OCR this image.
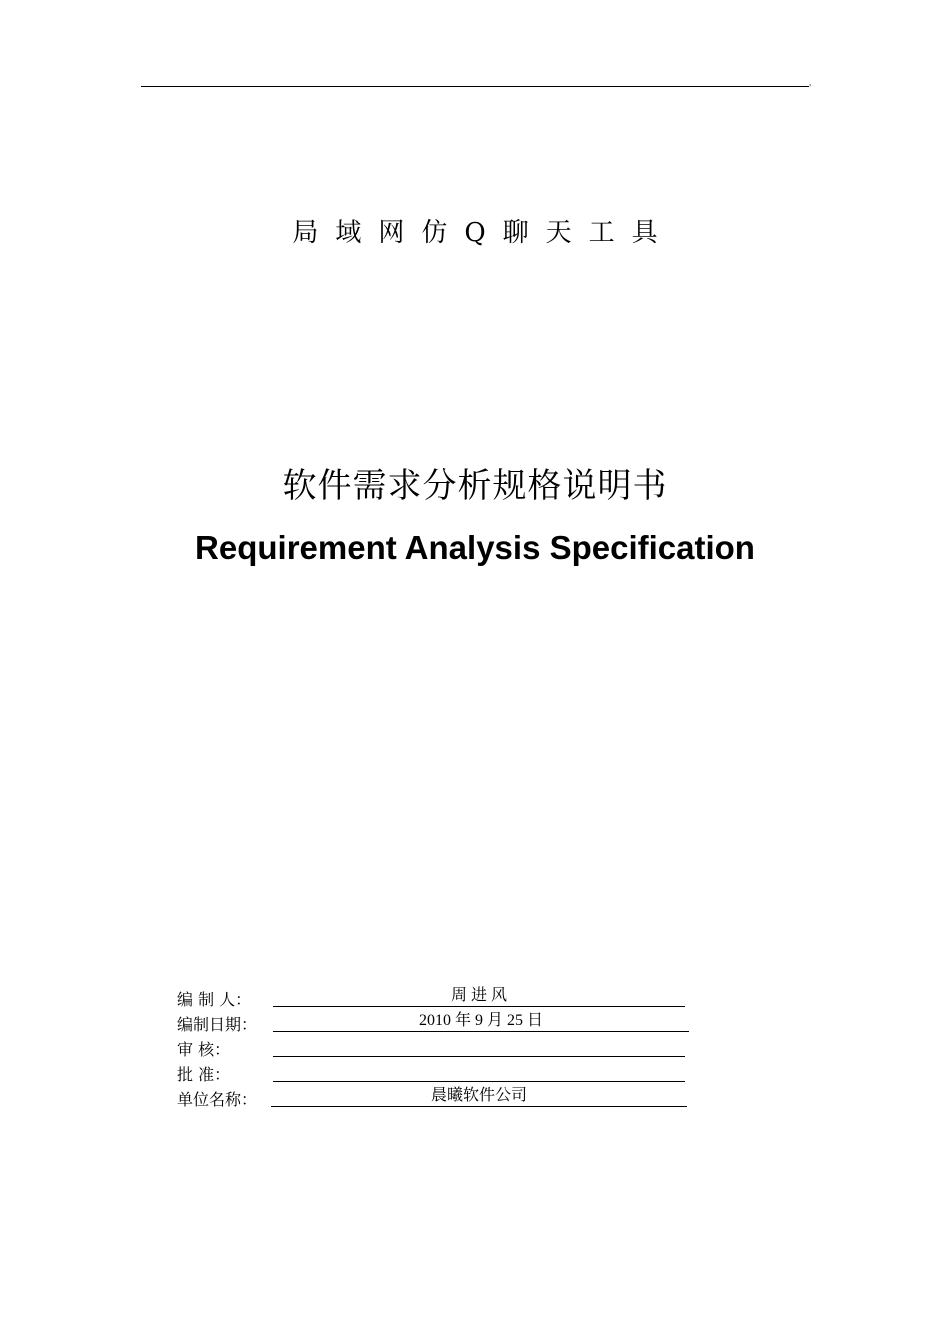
'
局域网仿Q聊天工具
软件需求分析规格说明书
Requirement Analysis Specification
编 制 人：	周 进 风
编制日期：	2010 年 9 月 25 日
审 核：
批 准：
单位名称：	晨曦软件公司
